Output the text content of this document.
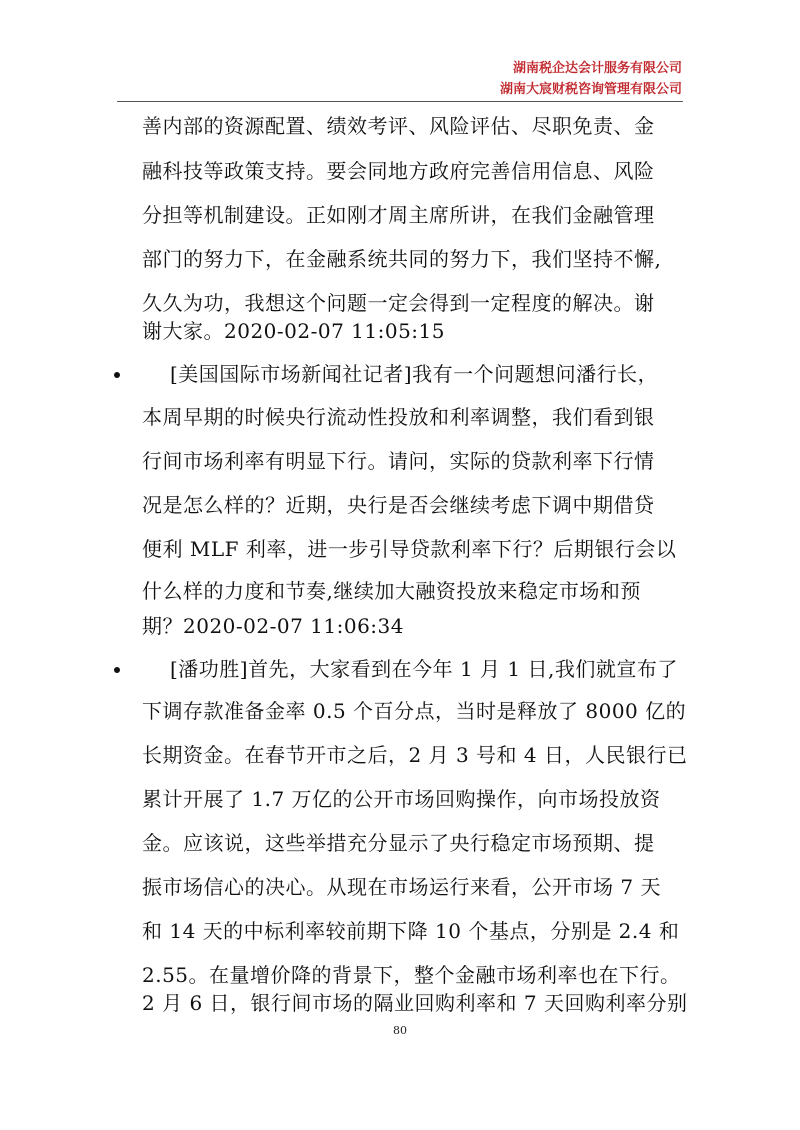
湖南税企达会计服务有限公司
湖南大宸财税咨询管理有限公司
善内部的资源配置、绩效考评、风险评估、尽职免责、金
融科技等政策支持。要会同地方政府完善信用信息、风险
分担等机制建设。正如刚才周主席所讲，在我们金融管理
部门的努力下，在金融系统共同的努力下，我们坚持不懈,
久久为功，我想这个问题一定会得到一定程度的解决。谢
谢大家。2020-02-07 11:05:15
[美国国际市场新闻社记者]我有一个问题想问潘行长，
本周早期的时候央行流动性投放和利率调整，我们看到银
行间市场利率有明显下行。请问，实际的贷款利率下行情
况是怎么样的？近期，央行是否会继续考虑下调中期借贷
便利 MLF 利率，进一步引导贷款利率下行？后期银行会以
什么样的力度和节奏,继续加大融资投放来稳定市场和预
期？2020-02-07 11:06:34
[潘功胜]首先，大家看到在今年 1 月 1 日,我们就宣布了
下调存款准备金率 0.5 个百分点，当时是释放了 8000 亿的
长期资金。在春节开市之后，2 月 3 号和 4 日，人民银行已
累计开展了 1.7 万亿的公开市场回购操作，向市场投放资
金。应该说，这些举措充分显示了央行稳定市场预期、提
振市场信心的决心。从现在市场运行来看，公开市场 7 天
和 14 天的中标利率较前期下降 10 个基点，分别是 2.4 和
2.55。在量增价降的背景下，整个金融市场利率也在下行。
2 月 6 日，银行间市场的隔业回购利率和 7 天回购利率分别
80
